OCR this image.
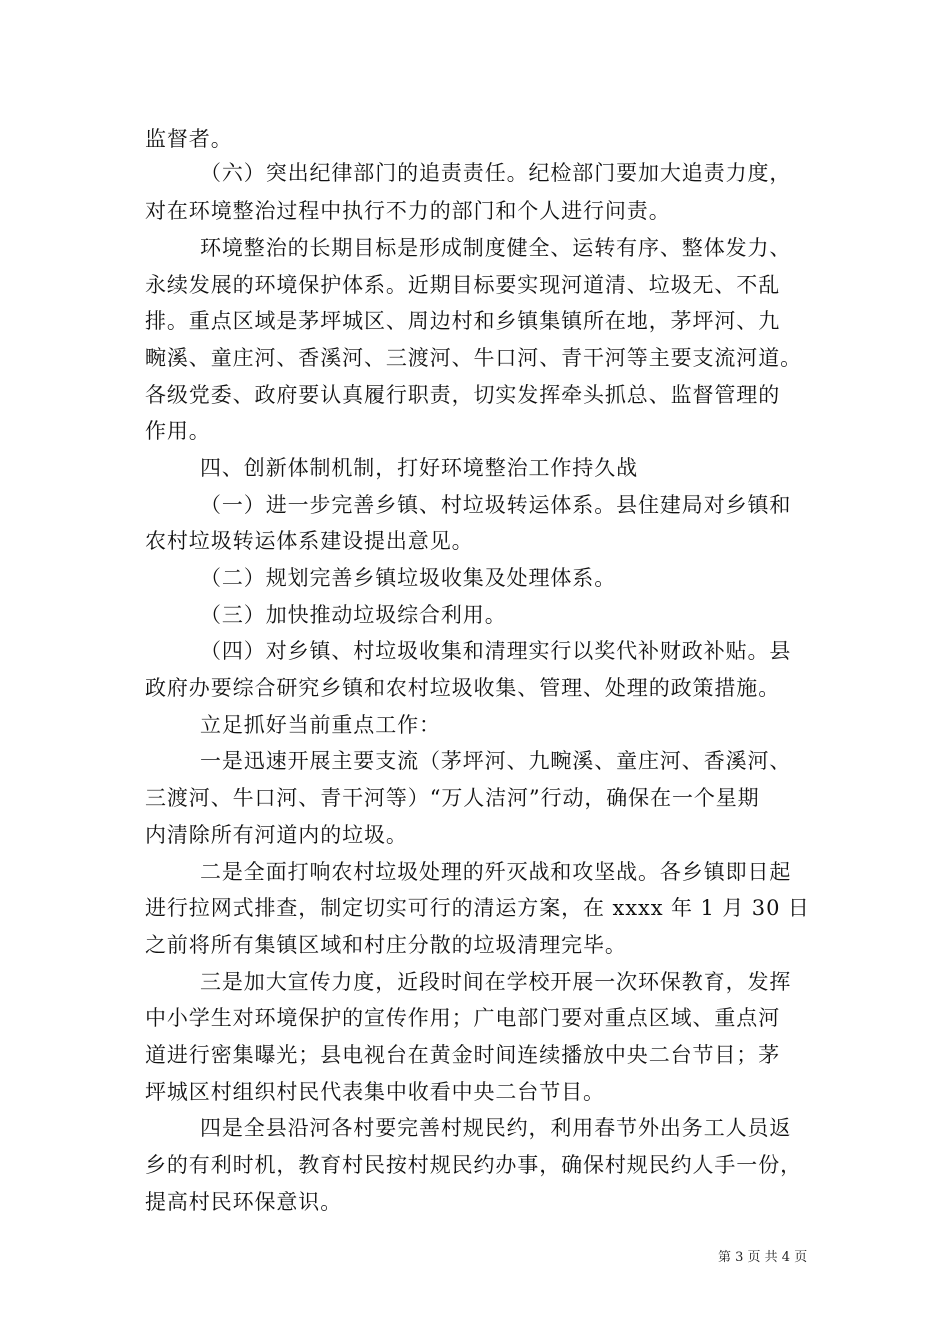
监督者。
（六）突出纪律部门的追责责任。纪检部门要加大追责力度，
对在环境整治过程中执行不力的部门和个人进行问责。
环境整治的长期目标是形成制度健全、运转有序、整体发力、
永续发展的环境保护体系。近期目标要实现河道清、垃圾无、不乱
排。重点区域是茅坪城区、周边村和乡镇集镇所在地，茅坪河、九
畹溪、童庄河、香溪河、三渡河、牛口河、青干河等主要支流河道。
各级党委、政府要认真履行职责，切实发挥牵头抓总、监督管理的
作用。
四、创新体制机制，打好环境整治工作持久战
（一）进一步完善乡镇、村垃圾转运体系。县住建局对乡镇和
农村垃圾转运体系建设提出意见。
（二）规划完善乡镇垃圾收集及处理体系。
（三）加快推动垃圾综合利用。
（四）对乡镇、村垃圾收集和清理实行以奖代补财政补贴。县
政府办要综合研究乡镇和农村垃圾收集、管理、处理的政策措施。
立足抓好当前重点工作：
一是迅速开展主要支流（茅坪河、九畹溪、童庄河、香溪河、
三渡河、牛口河、青干河等）“万人洁河”行动，确保在一个星期
内清除所有河道内的垃圾。
二是全面打响农村垃圾处理的歼灭战和攻坚战。各乡镇即日起
进行拉网式排查，制定切实可行的清运方案，在 xxxx 年 1 月 30 日
之前将所有集镇区域和村庄分散的垃圾清理完毕。
三是加大宣传力度，近段时间在学校开展一次环保教育，发挥
中小学生对环境保护的宣传作用；广电部门要对重点区域、重点河
道进行密集曝光；县电视台在黄金时间连续播放中央二台节目；茅
坪城区村组织村民代表集中收看中央二台节目。
四是全县沿河各村要完善村规民约，利用春节外出务工人员返
乡的有利时机，教育村民按村规民约办事，确保村规民约人手一份，
提高村民环保意识。
第 3 页 共 4 页
